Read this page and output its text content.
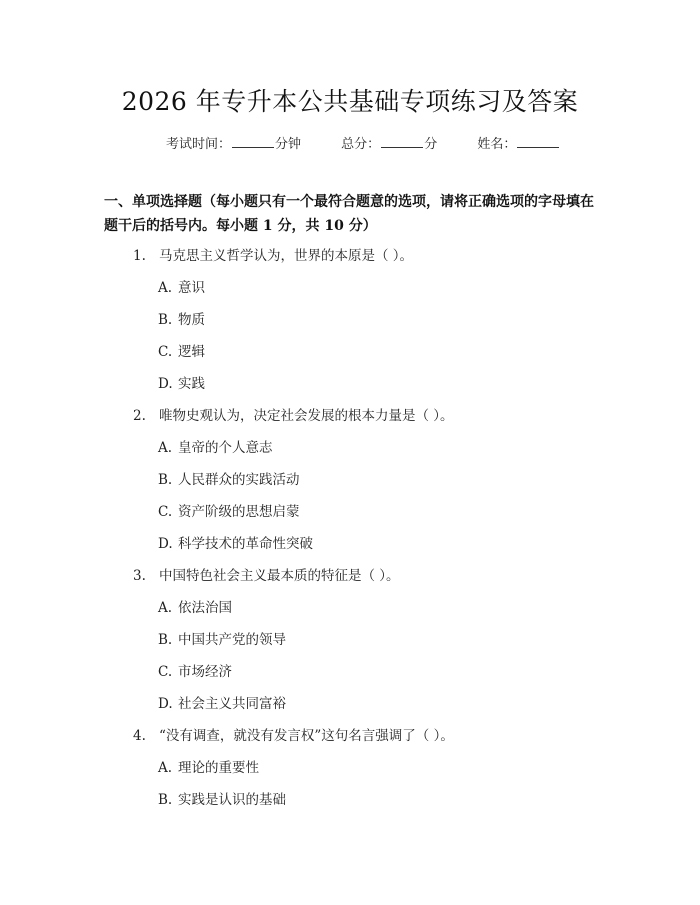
2026 年专升本公共基础专项练习及答案
考试时间：	分钟	总分：	分	姓名：
一、单项选择题（每小题只有一个最符合题意的选项，请将正确选项的字母填在题干后的括号内。每小题 1 分，共 10 分）
1. 马克思主义哲学认为，世界的本原是（ ）。
A. 意识
B. 物质
C. 逻辑
D. 实践
2. 唯物史观认为，决定社会发展的根本力量是（ ）。
A. 皇帝的个人意志
B. 人民群众的实践活动
C. 资产阶级的思想启蒙
D. 科学技术的革命性突破
3. 中国特色社会主义最本质的特征是（ ）。
A. 依法治国
B. 中国共产党的领导
C. 市场经济
D. 社会主义共同富裕
4. “没有调查，就没有发言权”这句名言强调了（ ）。
A. 理论的重要性
B. 实践是认识的基础
